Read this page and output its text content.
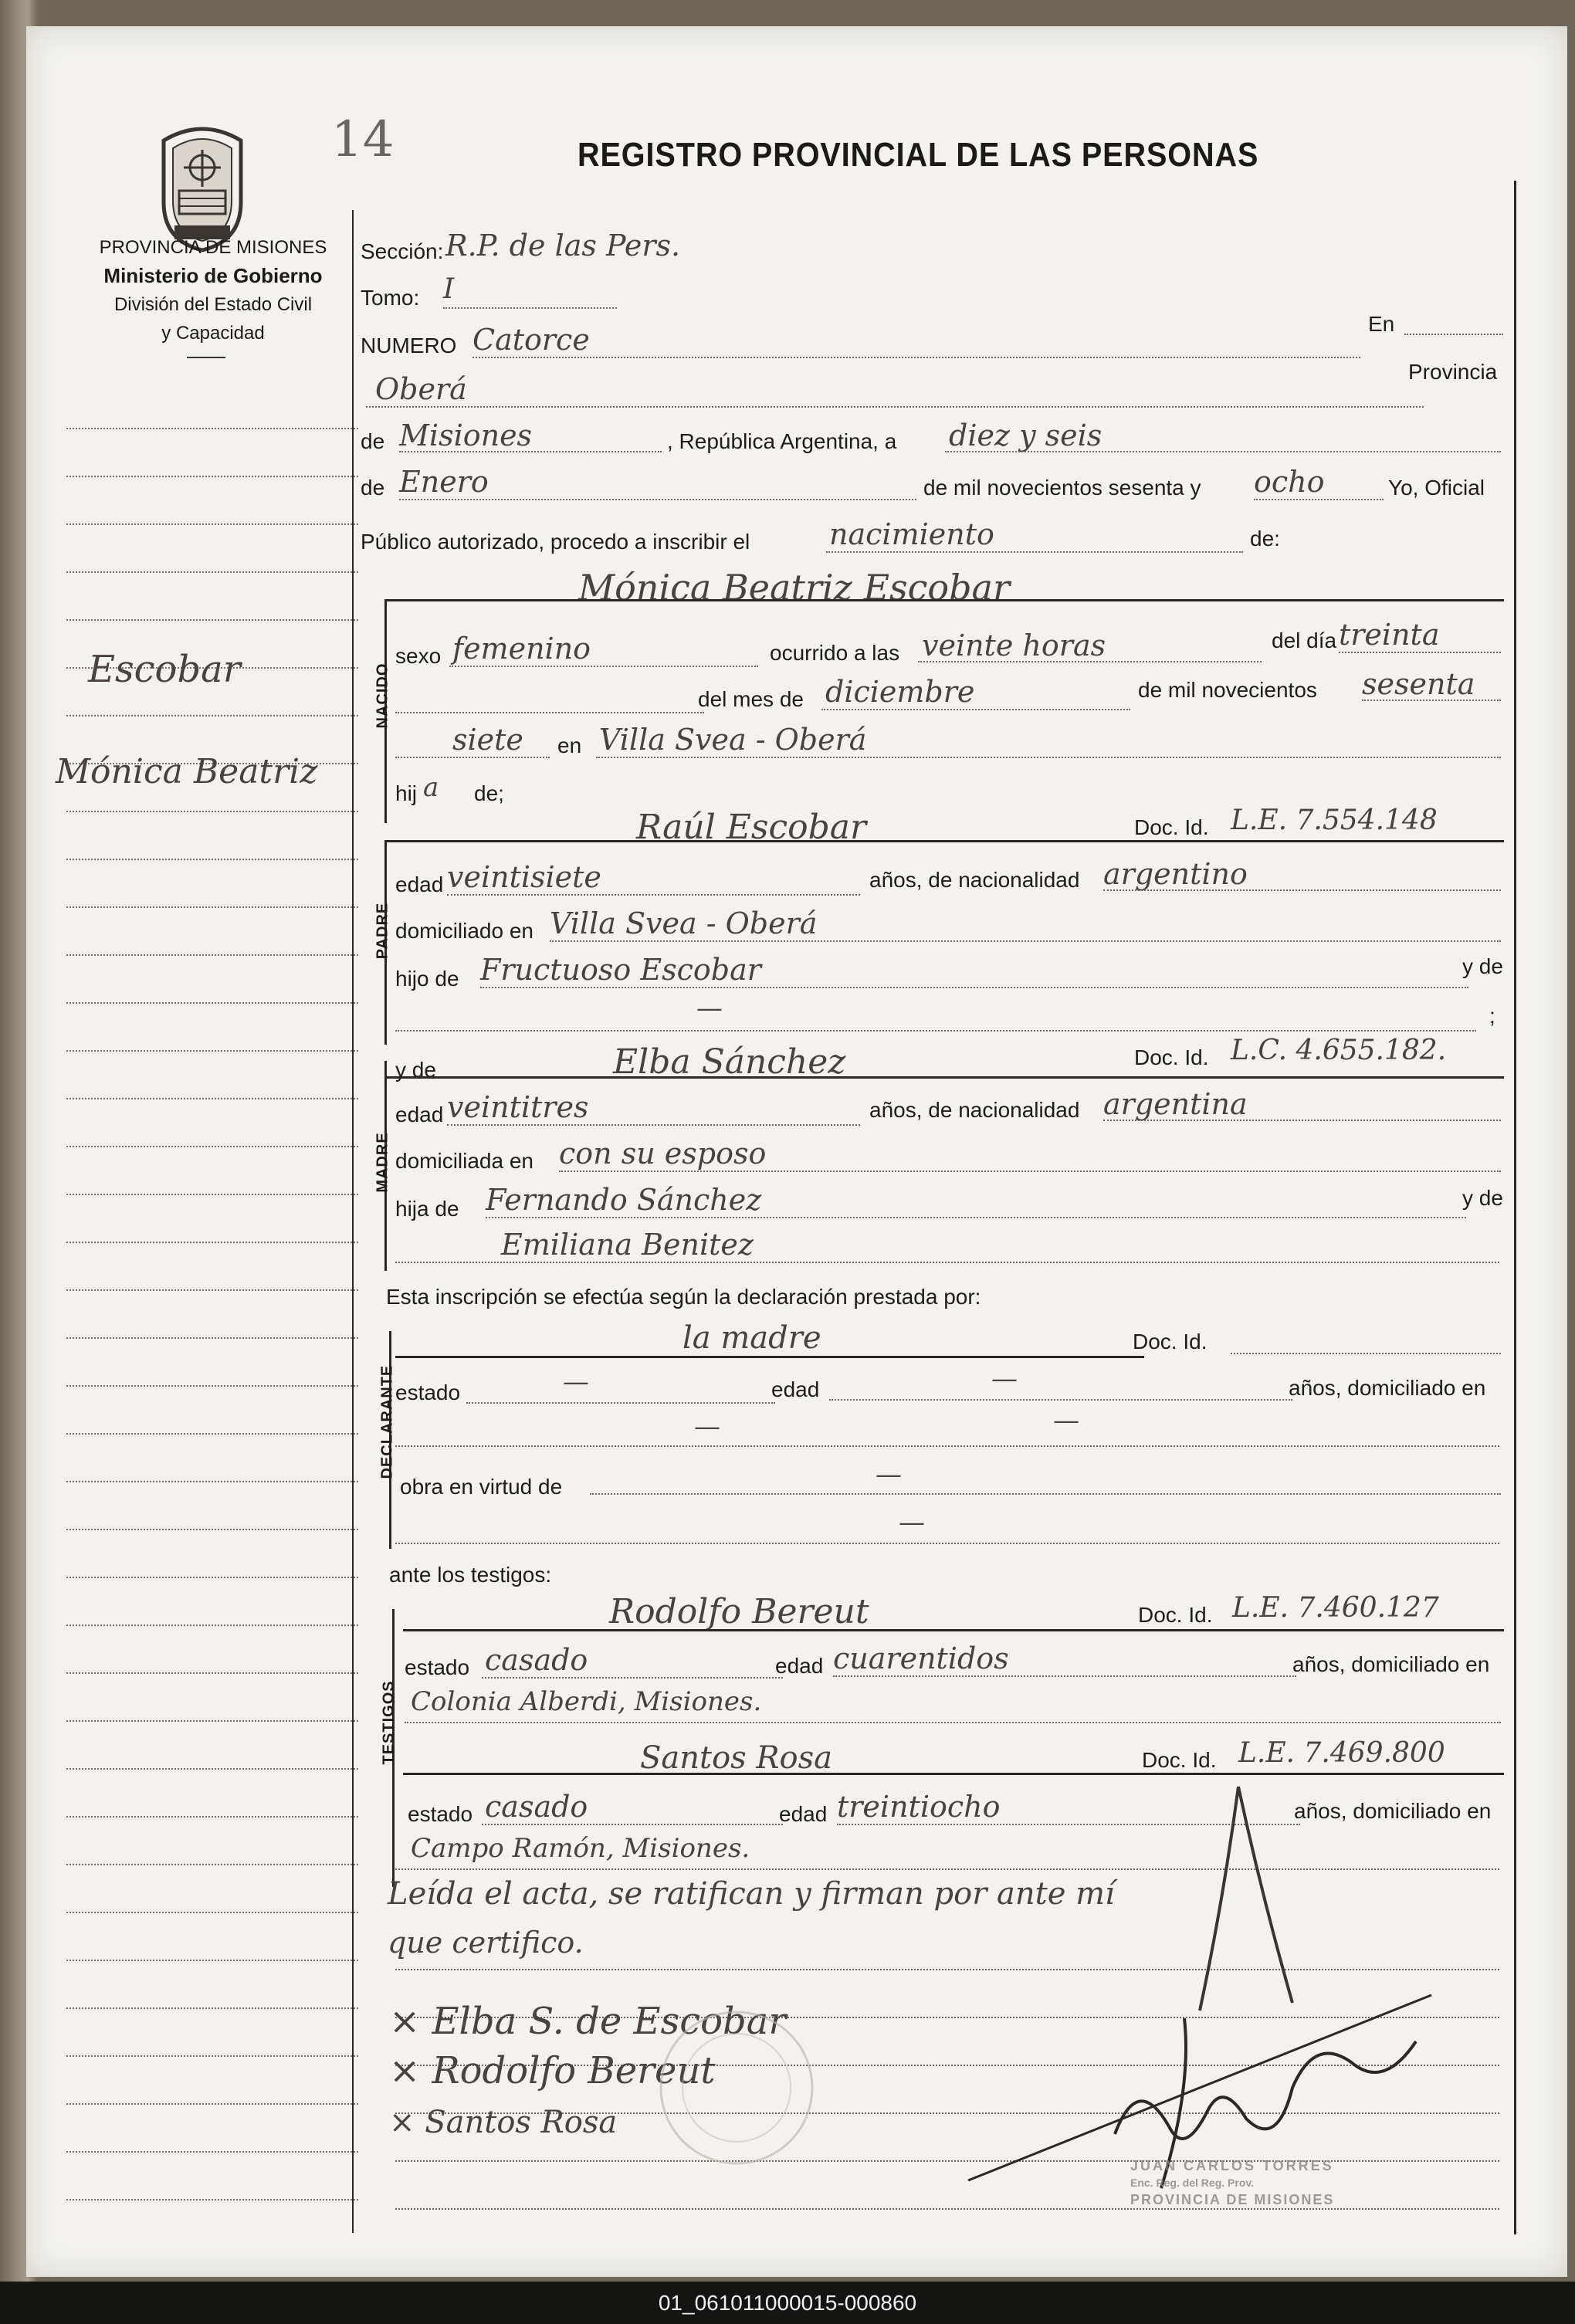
14	REGISTRO PROVINCIAL DE LAS PERSONAS
PROVINCIA DE MISIONES
Ministerio de Gobierno
División del Estado Civil
y Capacidad
Escobar
Mónica Beatriz
Sección: R.P. de las Pers.
Tomo: I
NUMERO Catorce	En
Oberá
Provincia
de Misiones	, República Argentina, a diez y seis
de Enero	de mil novecientos sesenta y ocho	Yo, Oficial
Público autorizado, procedo a inscribir el	nacimiento	de:
Mónica Beatriz Escobar
NACIDO
sexo femenino	ocurrido a las veinte horas	del día treinta
del mes de diciembre	de mil novecientos sesenta
siete en Villa Svea - Oberá
hij a de;
Raúl Escobar
PADRE
Doc. Id. L.E. 7.554.148
edad veintisiete	años, de nacionalidad argentino
domiciliado en Villa Svea - Oberá
hijo de Fructuoso Escobar	y de
—	;
y de	Elba Sánchez
MADRE
Doc. Id. L.C. 4.655.182.
edad veintitres	años, de nacionalidad argentina
domiciliada en con su esposo
hija de Fernando Sánchez	y de
Emiliana Benitez
Esta inscripción se efectúa según la declaración prestada por:
DECLARANTE
la madre	Doc. Id.
estado	—	edad	—	años, domiciliado en
—	—
obra en virtud de	—
—
ante los testigos:
TESTIGOS
Rodolfo Bereut	Doc. Id. L.E. 7.460.127
estado casado	edad cuarentidos	años, domiciliado en
Colonia Alberdi, Misiones.
Santos Rosa	Doc. Id. L.E. 7.469.800
estado casado	edad treintiocho	años, domiciliado en
Campo Ramón, Misiones.
Leída el acta, se ratifican y firman por ante mí
que certifico.
× Elba S. de Escobar
× Rodolfo Bereut
× Santos Rosa
JUAN CARLOS TORRES
Enc. Reg. del Reg. Prov.
PROVINCIA DE MISIONES
01_061011000015-000860
